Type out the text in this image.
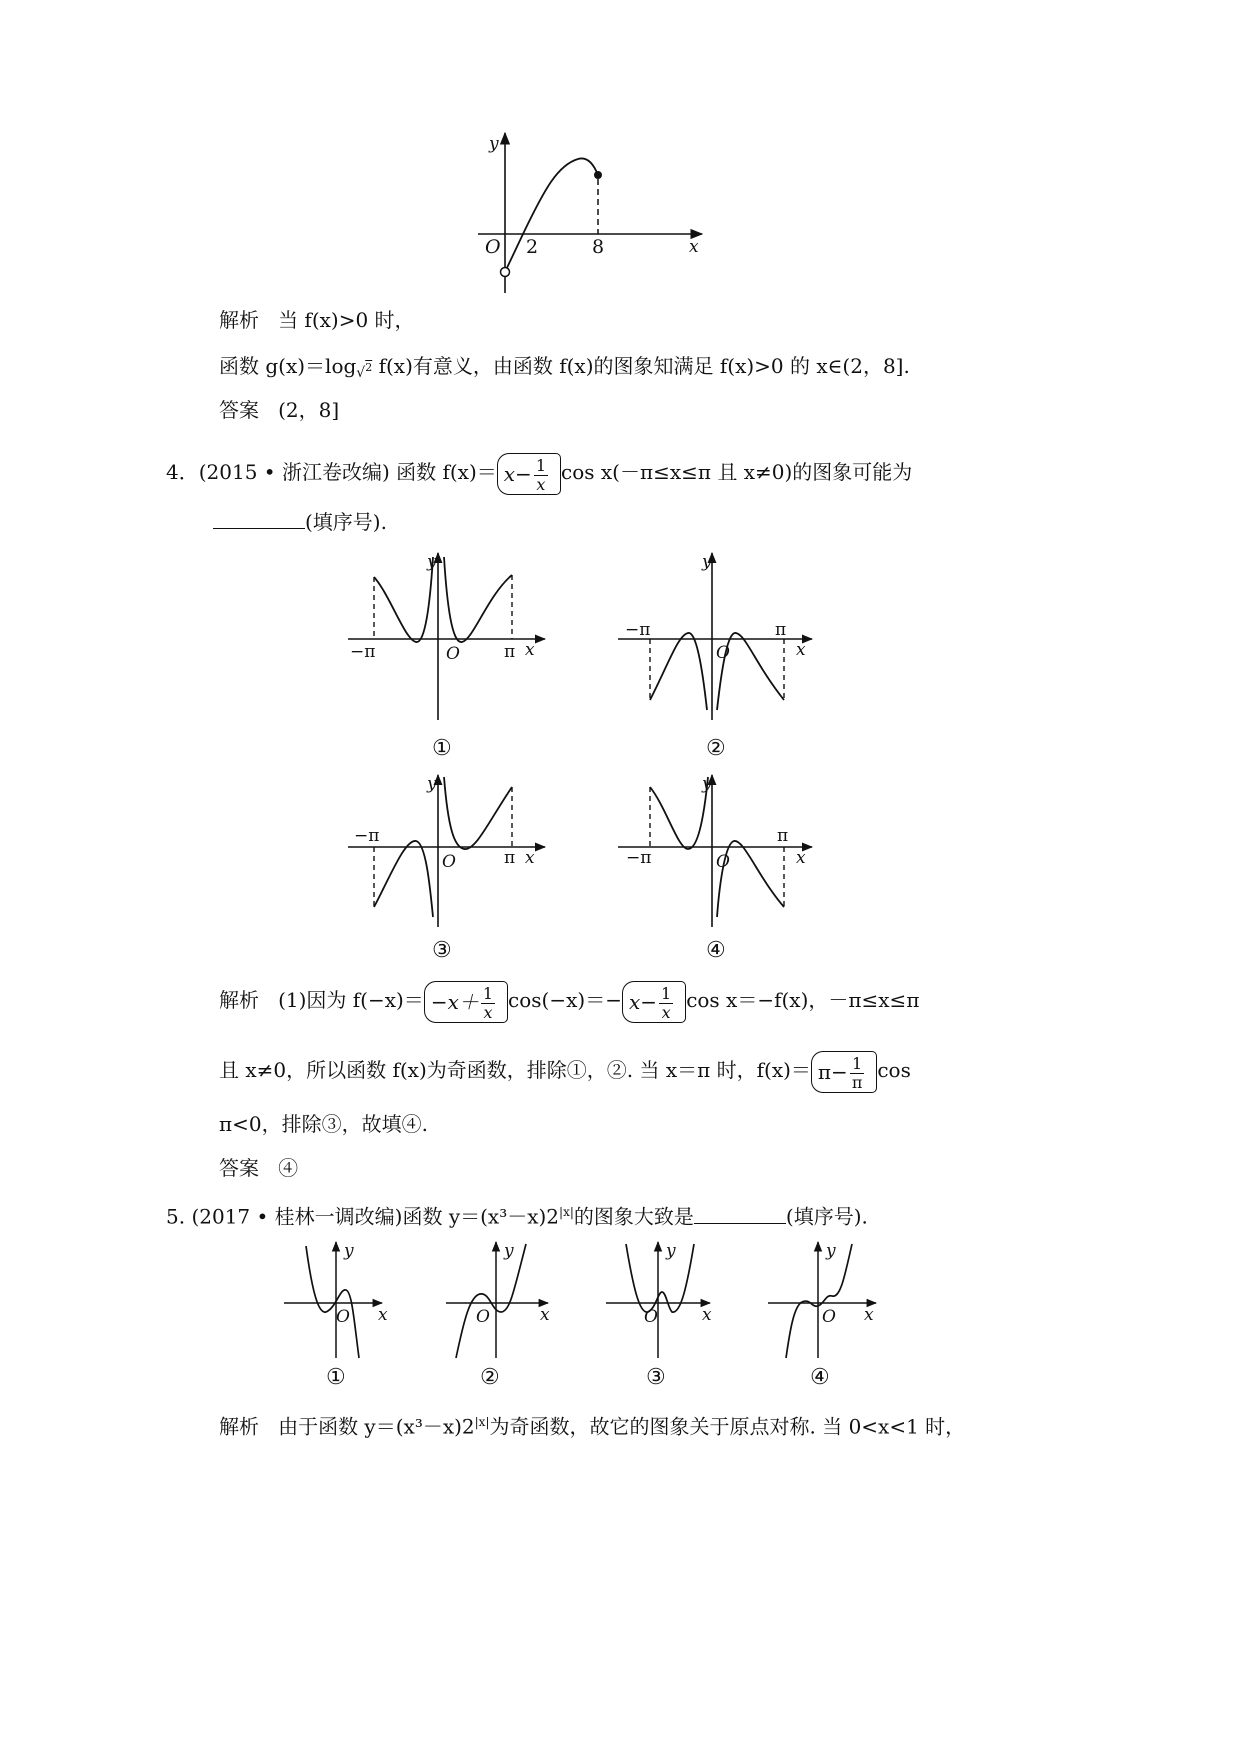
y
x
O 2	8
解析 当 f(x)>0 时，
函数 $g(x)=\log_{√^2}$ f(x)有意义，由函数 f(x)的图象知满足 f(x)>0 的 x∈(2，8].
答案 (2，8]
4．(2015 • 浙江卷改编) 函数 $f(x)= x- \frac{1}{x}$ cos x(－π≤x≤π 且 x≠0)的图象可能为
(填序号).
y
x
O
−π	π
①
y
x
O
−π	π
②
y
x
O
−π
π
③
y
x
O
−π
π
④
解析 (1)因为 $f(-x)= -x+ \frac{1}{x} \cos(-x)=- x- \frac{1}{x}$ cos x＝−f(x)，－π≤x≤π
且 x≠0，所以函数 f(x)为奇函数，排除①，②. 当 x＝π 时，$f(x)= \pi- \frac{1}{\pi}$ cos
π<0，排除③，故填④.
答案 ④
5. (2017 • 桂林一调改编)函数 $y=(x^3-x)2^{|x|}$的图象大致是	(填序号).
y
x
O
①
y
x
O
②
y
x
O
③
y
x
O
④
解析 由于函数 $y=(x^3-x)2^{|x|}$为奇函数，故它的图象关于原点对称. 当 0<x<1 时，
